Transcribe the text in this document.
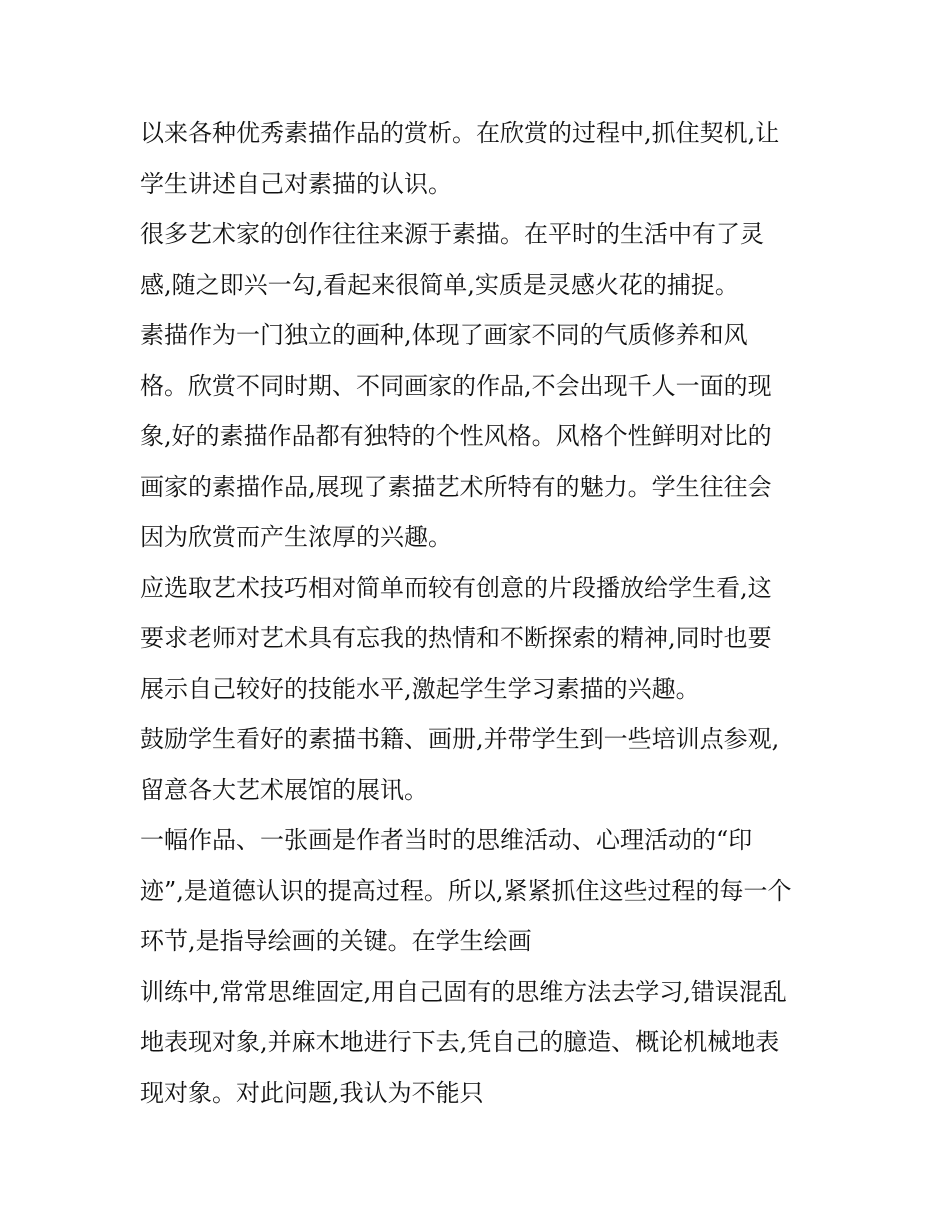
以来各种优秀素描作品的赏析。在欣赏的过程中,抓住契机,让
学生讲述自己对素描的认识。
很多艺术家的创作往往来源于素描。在平时的生活中有了灵
感,随之即兴一勾,看起来很简单,实质是灵感火花的捕捉。
素描作为一门独立的画种,体现了画家不同的气质修养和风
格。欣赏不同时期、不同画家的作品,不会出现千人一面的现
象,好的素描作品都有独特的个性风格。风格个性鲜明对比的
画家的素描作品,展现了素描艺术所特有的魅力。学生往往会
因为欣赏而产生浓厚的兴趣。
应选取艺术技巧相对简单而较有创意的片段播放给学生看,这
要求老师对艺术具有忘我的热情和不断探索的精神,同时也要
展示自己较好的技能水平,激起学生学习素描的兴趣。
鼓励学生看好的素描书籍、画册,并带学生到一些培训点参观,
留意各大艺术展馆的展讯。
一幅作品、一张画是作者当时的思维活动、心理活动的“印
迹”,是道德认识的提高过程。所以,紧紧抓住这些过程的每一个
环节,是指导绘画的关键。在学生绘画
训练中,常常思维固定,用自己固有的思维方法去学习,错误混乱
地表现对象,并麻木地进行下去,凭自己的臆造、概论机械地表
现对象。对此问题,我认为不能只
